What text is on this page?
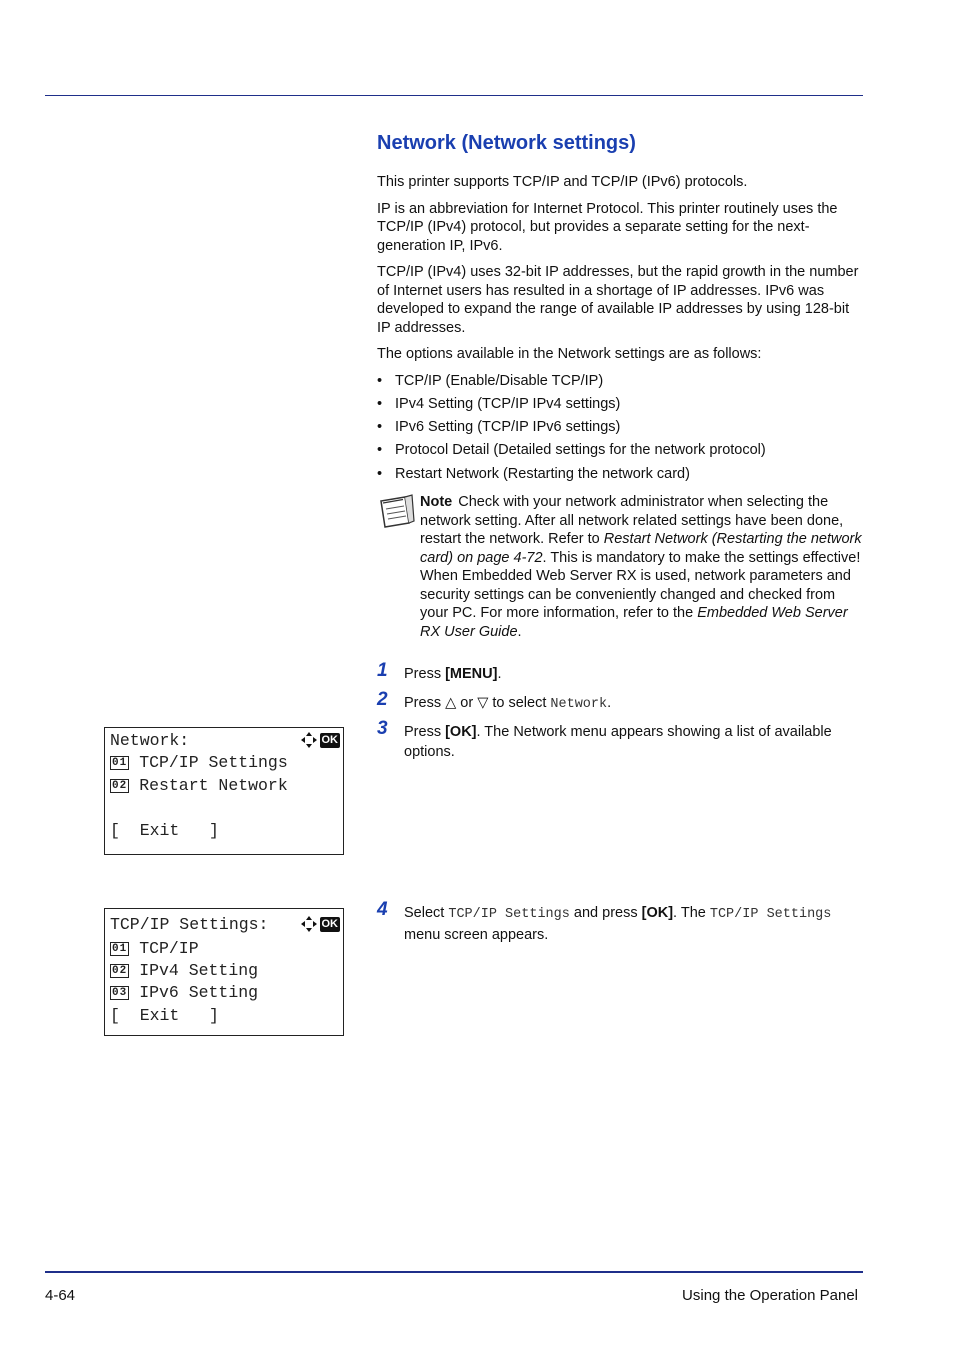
Network (Network settings)

This printer supports TCP/IP and TCP/IP (IPv6) protocols.

IP is an abbreviation for Internet Protocol. This printer routinely uses the TCP/IP (IPv4) protocol, but provides a separate setting for the next-generation IP, IPv6.

TCP/IP (IPv4) uses 32-bit IP addresses, but the rapid growth in the number of Internet users has resulted in a shortage of IP addresses. IPv6 was developed to expand the range of available IP addresses by using 128-bit IP addresses.

The options available in the Network settings are as follows:

• TCP/IP (Enable/Disable TCP/IP)
• IPv4 Setting (TCP/IP IPv4 settings)
• IPv6 Setting (TCP/IP IPv6 settings)
• Protocol Detail (Detailed settings for the network protocol)
• Restart Network (Restarting the network card)
Note Check with your network administrator when selecting the network setting. After all network related settings have been done, restart the network. Refer to Restart Network (Restarting the network card) on page 4-72. This is mandatory to make the settings effective!
When Embedded Web Server RX is used, network parameters and security settings can be conveniently changed and checked from your PC. For more information, refer to the Embedded Web Server RX User Guide.
1 Press [MENU].
2 Press △ or ▽ to select Network.
3 Press [OK]. The Network menu appears showing a list of available options.
4 Select TCP/IP Settings and press [OK]. The TCP/IP Settings menu screen appears.
Network:	OK
01 TCP/IP Settings
02 Restart Network
[  Exit   ]
TCP/IP Settings:	OK
01 TCP/IP
02 IPv4 Setting
03 IPv6 Setting
[  Exit   ]
4-64	Using the Operation Panel
